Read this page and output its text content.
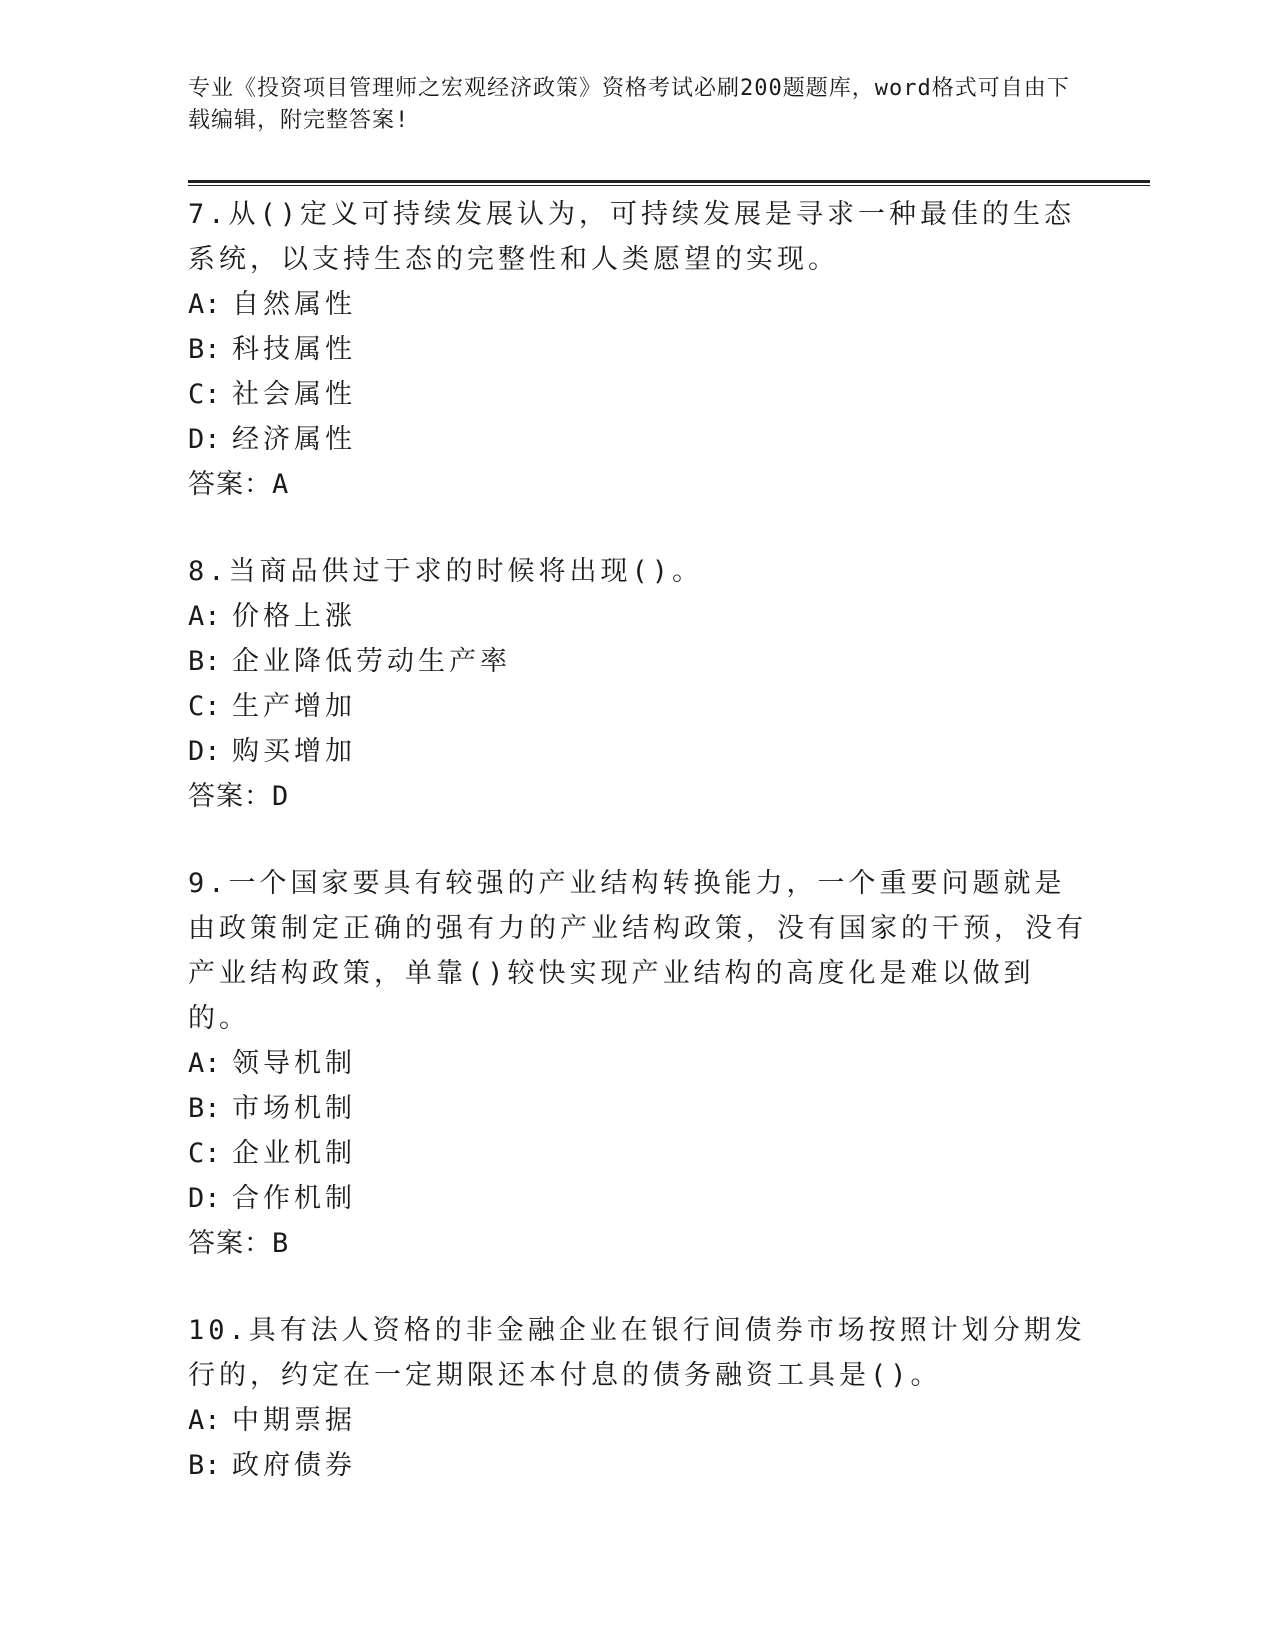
专业《投资项目管理师之宏观经济政策》资格考试必刷200题题库，word格式可自由下载编辑，附完整答案!

7.从()定义可持续发展认为，可持续发展是寻求一种最佳的生态系统，以支持生态的完整性和人类愿望的实现。

A: 自然属性

B: 科技属性

C: 社会属性

D: 经济属性

答案：A

8.当商品供过于求的时候将出现()。

A: 价格上涨

B: 企业降低劳动生产率

C: 生产增加

D: 购买增加

答案：D

9.一个国家要具有较强的产业结构转换能力，一个重要问题就是由政策制定正确的强有力的产业结构政策，没有国家的干预，没有产业结构政策，单靠()较快实现产业结构的高度化是难以做到的。

A: 领导机制

B: 市场机制

C: 企业机制

D: 合作机制

答案：B

10.具有法人资格的非金融企业在银行间债券市场按照计划分期发行的，约定在一定期限还本付息的债务融资工具是()。

A: 中期票据

B: 政府债券
